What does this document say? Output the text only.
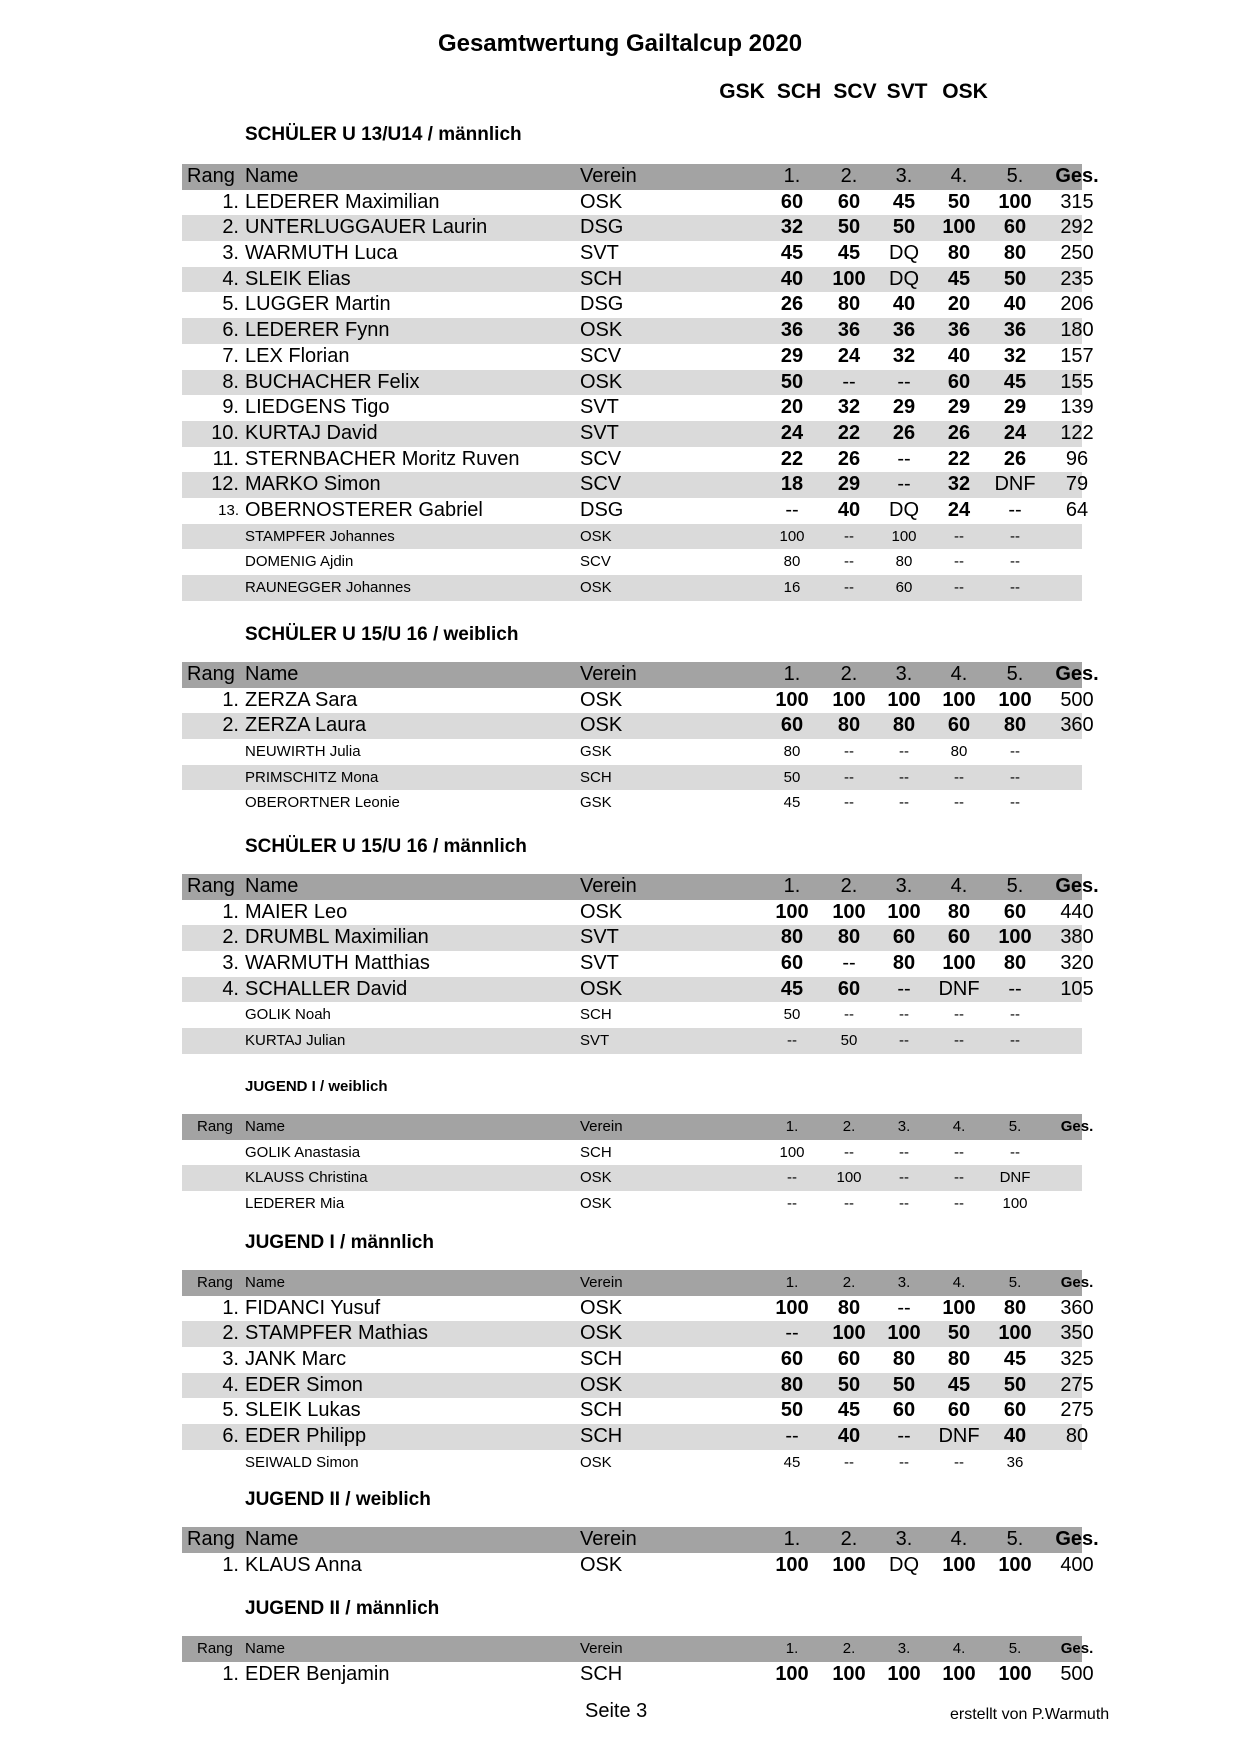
Gesamtwertung Gailtalcup 2020
GSK SCH SCV SVT OSK
SCHÜLER U 13/U14 / männlich
Rang Name	Verein	1.	2.	3.	4.	5.	Ges.
1. LEDERER Maximilian	OSK	60	60	45	50	100	315
2. UNTERLUGGAUER Laurin	DSG	32	50	50	100	60	292
3. WARMUTH Luca	SVT	45	45	DQ	80	80	250
4. SLEIK Elias	SCH	40	100	DQ	45	50	235
5. LUGGER Martin	DSG	26	80	40	20	40	206
6. LEDERER Fynn	OSK	36	36	36	36	36	180
7. LEX Florian	SCV	29	24	32	40	32	157
8. BUCHACHER Felix	OSK	50	--	--	60	45	155
9. LIEDGENS Tigo	SVT	20	32	29	29	29	139
10. KURTAJ David	SVT	24	22	26	26	24	122
11. STERNBACHER Moritz Ruven	SCV	22	26	--	22	26	96
12. MARKO Simon	SCV	18	29	--	32	DNF	79
13. OBERNOSTERER Gabriel	DSG	--	40	DQ	24	--	64
STAMPFER Johannes	OSK	100	--	100	--	--
DOMENIG Ajdin	SCV	80	--	80	--	--
RAUNEGGER Johannes	OSK	16	--	60	--	--
SCHÜLER U 15/U 16 / weiblich
Rang Name	Verein	1.	2.	3.	4.	5.	Ges.
1. ZERZA Sara	OSK	100	100	100	100	100	500
2. ZERZA Laura	OSK	60	80	80	60	80	360
NEUWIRTH Julia	GSK	80	--	--	80	--
PRIMSCHITZ Mona	SCH	50	--	--	--	--
OBERORTNER Leonie	GSK	45	--	--	--	--
SCHÜLER U 15/U 16 / männlich
Rang Name	Verein	1.	2.	3.	4.	5.	Ges.
1. MAIER Leo	OSK	100	100	100	80	60	440
2. DRUMBL Maximilian	SVT	80	80	60	60	100	380
3. WARMUTH Matthias	SVT	60	--	80	100	80	320
4. SCHALLER David	OSK	45	60	--	DNF	--	105
GOLIK Noah	SCH	50	--	--	--	--
KURTAJ Julian	SVT	--	50	--	--	--
JUGEND I / weiblich
Rang Name	Verein	1.	2.	3.	4.	5.	Ges.
GOLIK Anastasia	SCH	100	--	--	--	--
KLAUSS Christina	OSK	--	100	--	--	DNF
LEDERER Mia	OSK	--	--	--	--	100
JUGEND I / männlich
Rang Name	Verein	1.	2.	3.	4.	5.	Ges.
1. FIDANCI Yusuf	OSK	100	80	--	100	80	360
2. STAMPFER Mathias	OSK	--	100	100	50	100	350
3. JANK Marc	SCH	60	60	80	80	45	325
4. EDER Simon	OSK	80	50	50	45	50	275
5. SLEIK Lukas	SCH	50	45	60	60	60	275
6. EDER Philipp	SCH	--	40	--	DNF	40	80
SEIWALD Simon	OSK	45	--	--	--	36
JUGEND II / weiblich
Rang Name	Verein	1.	2.	3.	4.	5.	Ges.
1. KLAUS Anna	OSK	100	100	DQ	100	100	400
JUGEND II / männlich
Rang Name	Verein	1.	2.	3.	4.	5.	Ges.
1. EDER Benjamin	SCH	100	100	100	100	100	500
Seite 3	erstellt von P.Warmuth
